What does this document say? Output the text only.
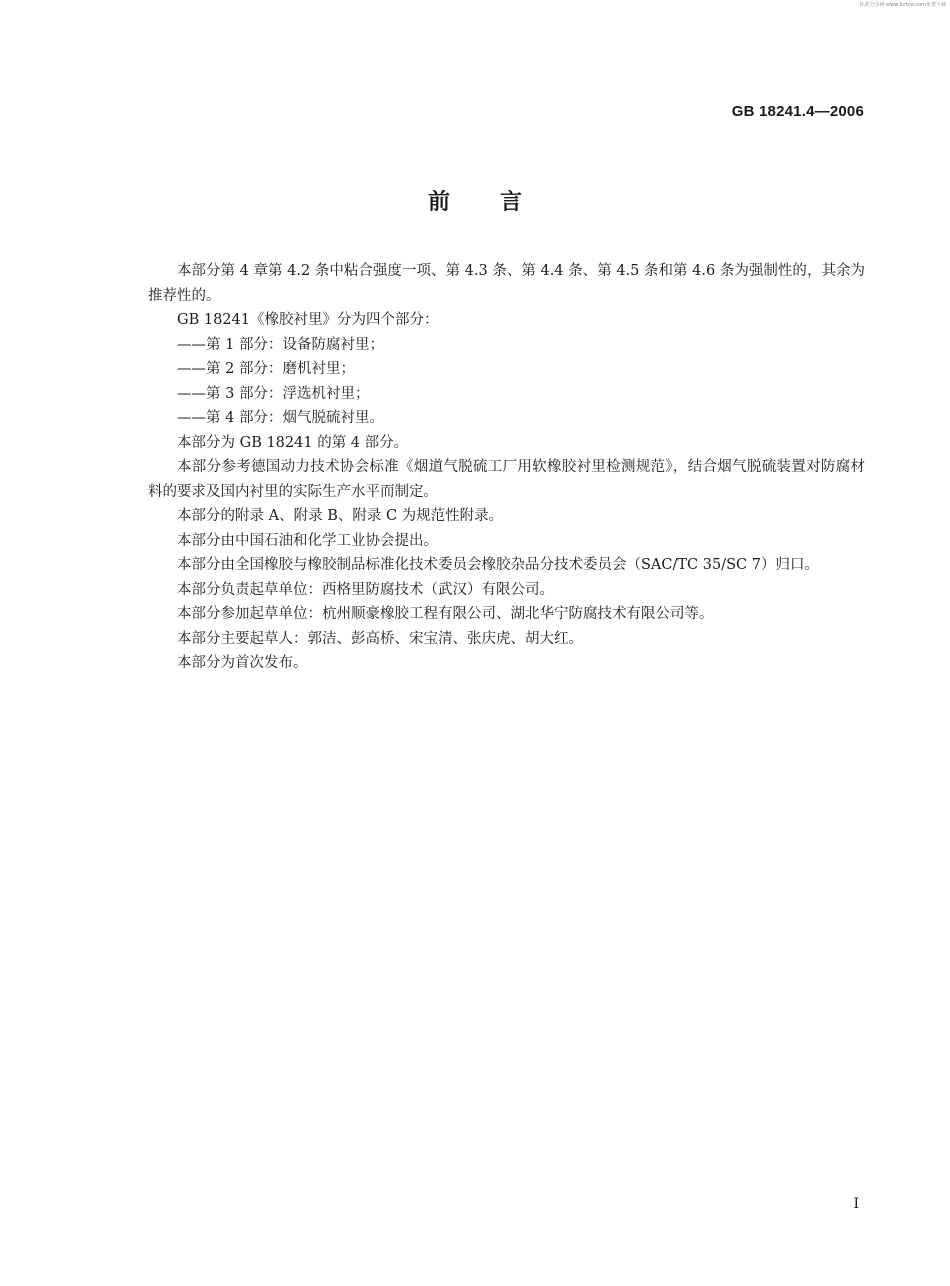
标准分享网 www.bzfxw.com免费下载
GB 18241.4—2006
前言

本部分第 4 章第 4.2 条中粘合强度一项、第 4.3 条、第 4.4 条、第 4.5 条和第 4.6 条为强制性的，其余为推荐性的。

GB 18241《橡胶衬里》分为四个部分：

——第 1 部分：设备防腐衬里；

——第 2 部分：磨机衬里；

——第 3 部分：浮选机衬里；

——第 4 部分：烟气脱硫衬里。

本部分为 GB 18241 的第 4 部分。

本部分参考德国动力技术协会标准《烟道气脱硫工厂用软橡胶衬里检测规范》，结合烟气脱硫装置对防腐材料的要求及国内衬里的实际生产水平而制定。

本部分的附录 A、附录 B、附录 C 为规范性附录。

本部分由中国石油和化学工业协会提出。

本部分由全国橡胶与橡胶制品标准化技术委员会橡胶杂品分技术委员会（SAC/TC 35/SC 7）归口。

本部分负责起草单位：西格里防腐技术（武汉）有限公司。

本部分参加起草单位：杭州顺豪橡胶工程有限公司、湖北华宁防腐技术有限公司等。

本部分主要起草人：郭洁、彭高桥、宋宝清、张庆虎、胡大红。

本部分为首次发布。

I
